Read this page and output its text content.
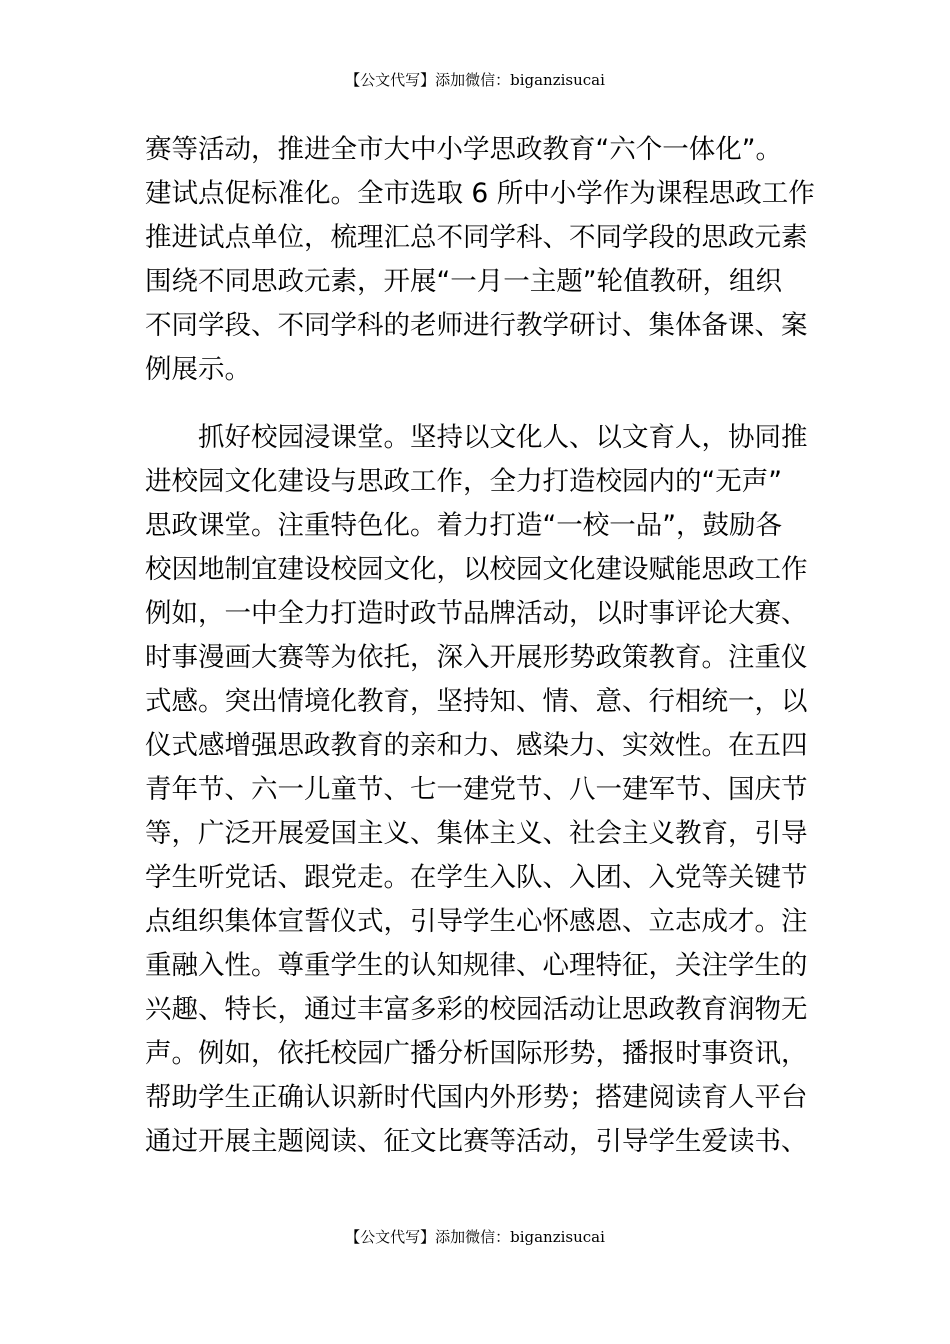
【公文代写】添加微信：biganzisucai
赛等活动，推进全市大中小学思政教育“六个一体化”。
建试点促标准化。全市选取 6 所中小学作为课程思政工作
推进试点单位，梳理汇总不同学科、不同学段的思政元素
围绕不同思政元素，开展“一月一主题”轮值教研，组织
不同学段、不同学科的老师进行教学研讨、集体备课、案
例展示。
抓好校园浸课堂。坚持以文化人、以文育人，协同推
进校园文化建设与思政工作，全力打造校园内的“无声”
思政课堂。注重特色化。着力打造“一校一品”，鼓励各
校因地制宜建设校园文化，以校园文化建设赋能思政工作
例如，一中全力打造时政节品牌活动，以时事评论大赛、
时事漫画大赛等为依托，深入开展形势政策教育。注重仪
式感。突出情境化教育，坚持知、情、意、行相统一，以
仪式感增强思政教育的亲和力、感染力、实效性。在五四
青年节、六一儿童节、七一建党节、八一建军节、国庆节
等，广泛开展爱国主义、集体主义、社会主义教育，引导
学生听党话、跟党走。在学生入队、入团、入党等关键节
点组织集体宣誓仪式，引导学生心怀感恩、立志成才。注
重融入性。尊重学生的认知规律、心理特征，关注学生的
兴趣、特长，通过丰富多彩的校园活动让思政教育润物无
声。例如，依托校园广播分析国际形势，播报时事资讯，
帮助学生正确认识新时代国内外形势；搭建阅读育人平台
通过开展主题阅读、征文比赛等活动，引导学生爱读书、
【公文代写】添加微信：biganzisucai
